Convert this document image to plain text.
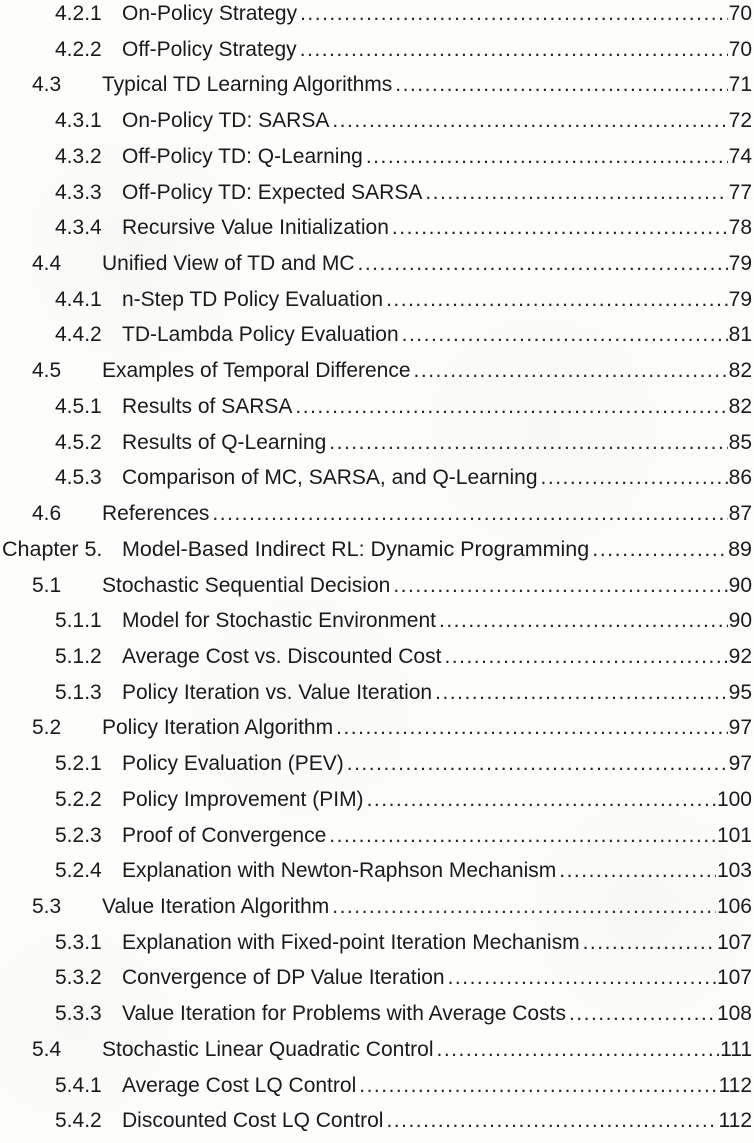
4.2.1 On-Policy Strategy .....	70
4.2.2 Off-Policy Strategy .....	70
4.3	Typical TD Learning Algorithms .....	71
4.3.1 On-Policy TD: SARSA .....	72
4.3.2 Off-Policy TD: Q-Learning .....	74
4.3.3 Off-Policy TD: Expected SARSA .....	77
4.3.4 Recursive Value Initialization .....	78
4.4	Unified View of TD and MC .....	79
4.4.1 n-Step TD Policy Evaluation .....	79
4.4.2 TD-Lambda Policy Evaluation .....	81
4.5	Examples of Temporal Difference .....	82
4.5.1 Results of SARSA .....	82
4.5.2 Results of Q-Learning .....	85
4.5.3 Comparison of MC, SARSA, and Q-Learning .....	86
4.6	References .....	87
Chapter 5. Model-Based Indirect RL: Dynamic Programming .....	89
5.1	Stochastic Sequential Decision .....	90
5.1.1 Model for Stochastic Environment .....	90
5.1.2 Average Cost vs. Discounted Cost .....	92
5.1.3 Policy Iteration vs. Value Iteration .....	95
5.2	Policy Iteration Algorithm .....	97
5.2.1 Policy Evaluation (PEV) .....	97
5.2.2 Policy Improvement (PIM) .....	100
5.2.3 Proof of Convergence .....	101
5.2.4 Explanation with Newton-Raphson Mechanism .....	103
5.3	Value Iteration Algorithm .....	106
5.3.1 Explanation with Fixed-point Iteration Mechanism .....	107
5.3.2 Convergence of DP Value Iteration .....	107
5.3.3 Value Iteration for Problems with Average Costs .....	108
5.4	Stochastic Linear Quadratic Control .....	111
5.4.1 Average Cost LQ Control .....	112
5.4.2 Discounted Cost LQ Control .....	112
